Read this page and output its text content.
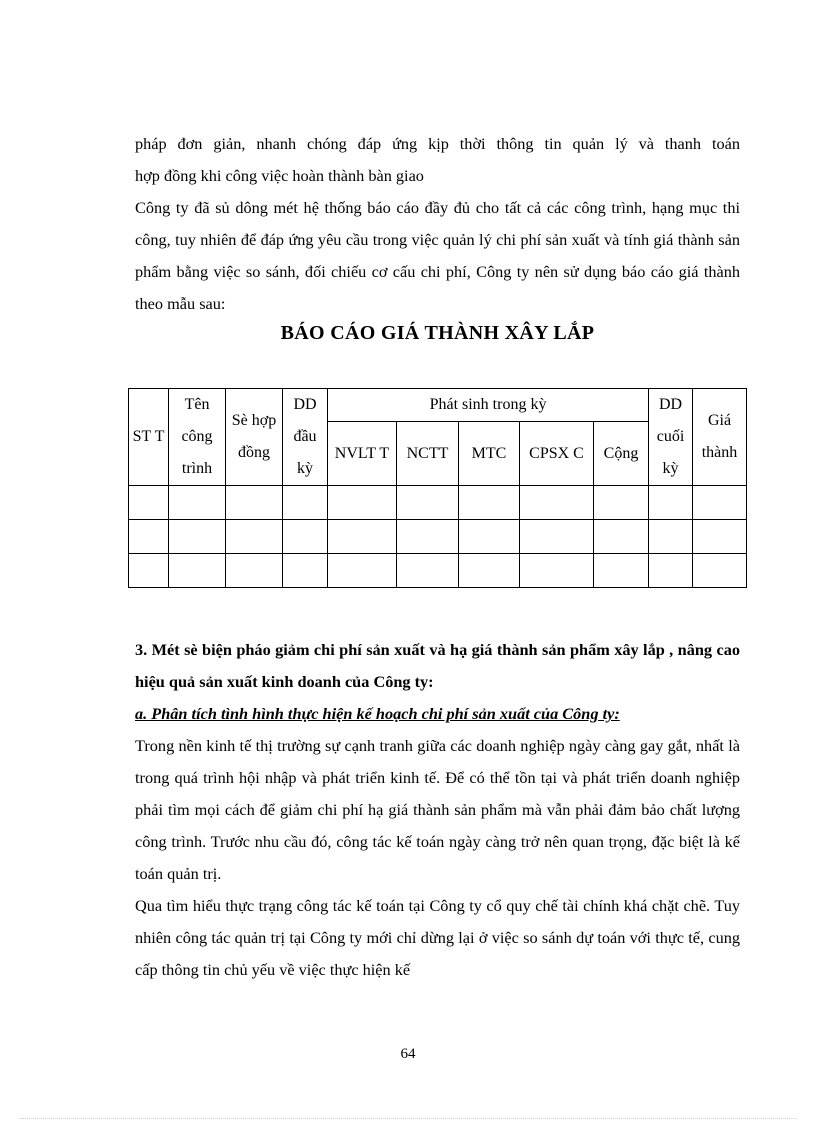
pháp đơn giản, nhanh chóng đáp ứng kịp thời thông tin quản lý và thanh toán

hợp đồng khi công việc hoàn thành bàn giao

Công ty đã sủ dông mét hệ thống báo cáo đầy đủ cho tất cả các công trình, hạng mục thi công, tuy nhiên để đáp ứng yêu cầu trong việc quản lý chi phí sản xuất và tính giá thành sản phẩm bằng việc so sánh, đối chiếu cơ cấu chi phí, Công ty nên sử dụng báo cáo giá thành theo mẫu sau:

BÁO CÁO GIÁ THÀNH XÂY LẮP
ST T	Tên công trình	Sè hợp đồng	DD đầu kỳ	Phát sinh trong kỳ					DD cuối kỳ	Giá thành
				NVLT T	NCTT	MTC	CPSX C	Cộng		

3. Mét sè biện pháo giảm chi phí sản xuất và hạ giá thành sản phẩm xây lắp , nâng cao hiệu quả sản xuất kinh doanh của Công ty:

a. Phân tích tình hình thực hiện kế hoạch chi phí sản xuất của Công ty:

Trong nền kinh tế thị trường sự cạnh tranh giữa các doanh nghiệp ngày càng gay gắt, nhất là trong quá trình hội nhập và phát triển kinh tế. Để có thể tồn tại và phát triển doanh nghiệp phải tìm mọi cách để giảm chi phí hạ giá thành sản phẩm mà vẫn phải đảm bảo chất lượng công trình. Trước nhu cầu đó, công tác kế toán ngày càng trở nên quan trọng, đặc biệt là kế toán quản trị.

Qua tìm hiểu thực trạng công tác kế toán tại Công ty cổ quy chế tài chính khá chặt chẽ. Tuy nhiên công tác quản trị tại Công ty mới chỉ dừng lại ở việc so sánh dự toán với thực tế, cung cấp thông tin chủ yếu về việc thực hiện kế

64
